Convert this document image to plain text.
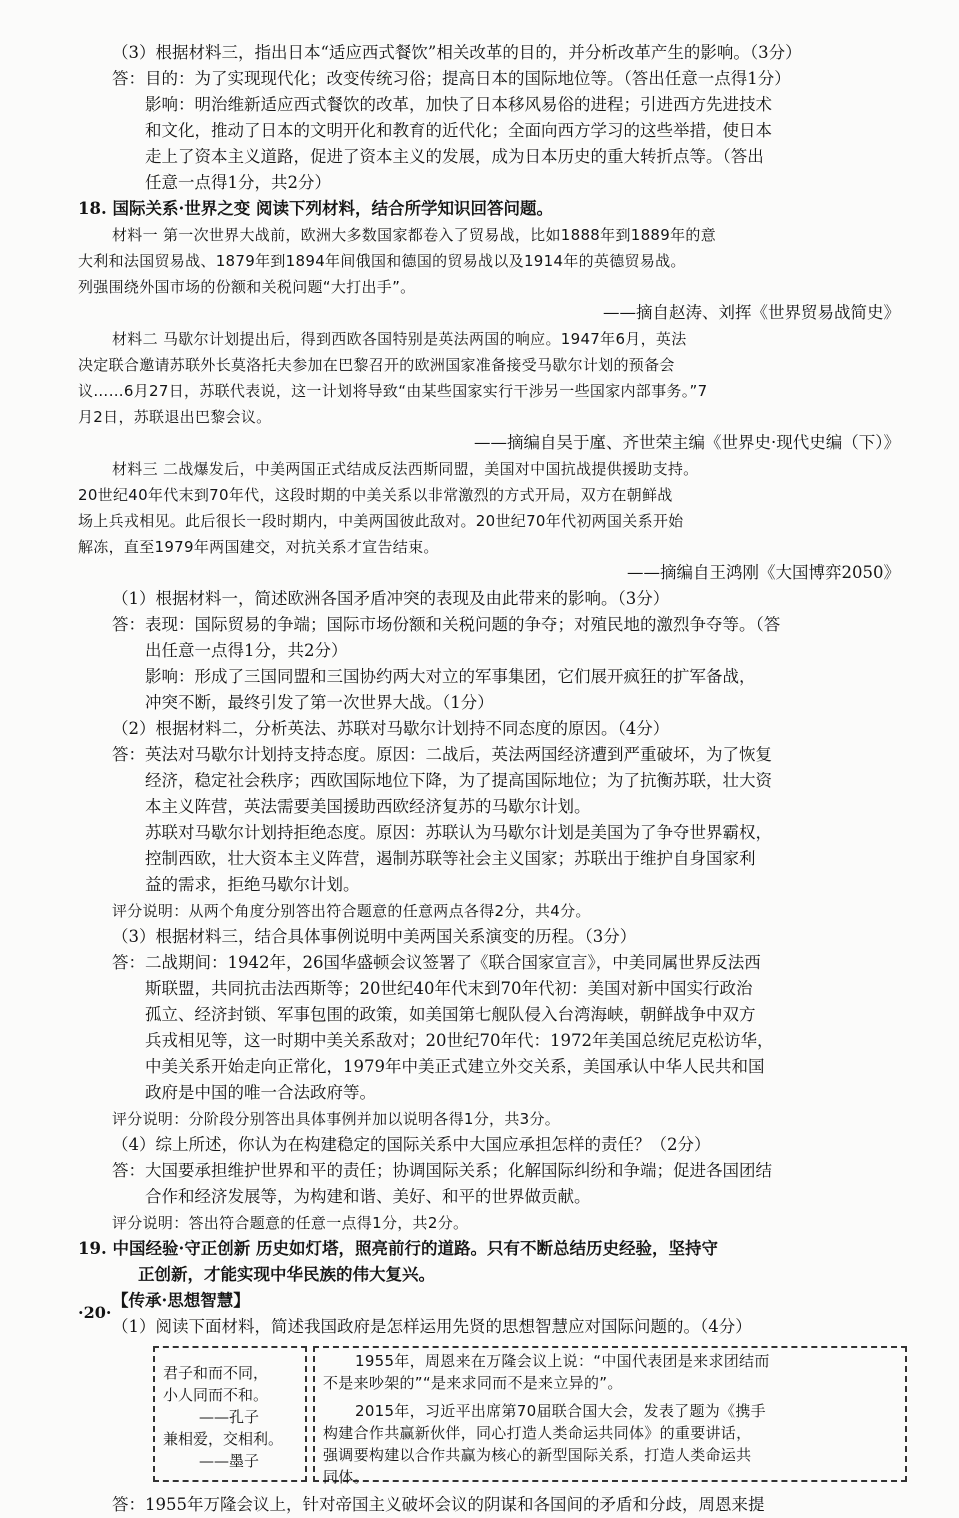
（3）根据材料三，指出日本“适应西式餐饮”相关改革的目的，并分析改革产生的影响。（3分）
答：目的：为了实现现代化；改变传统习俗；提高日本的国际地位等。（答出任意一点得1分）
影响：明治维新适应西式餐饮的改革，加快了日本移风易俗的进程；引进西方先进技术
和文化，推动了日本的文明开化和教育的近代化；全面向西方学习的这些举措，使日本
走上了资本主义道路，促进了资本主义的发展，成为日本历史的重大转折点等。（答出
任意一点得1分，共2分）
18. 国际关系·世界之变 阅读下列材料，结合所学知识回答问题。
材料一 第一次世界大战前，欧洲大多数国家都卷入了贸易战，比如1888年到1889年的意
大利和法国贸易战、1879年到1894年间俄国和德国的贸易战以及1914年的英德贸易战。
列强围绕外国市场的份额和关税问题“大打出手”。
——摘自赵涛、刘挥《世界贸易战简史》
材料二 马歇尔计划提出后，得到西欧各国特别是英法两国的响应。1947年6月，英法
决定联合邀请苏联外长莫洛托夫参加在巴黎召开的欧洲国家准备接受马歇尔计划的预备会
议……6月27日，苏联代表说，这一计划将导致“由某些国家实行干涉另一些国家内部事务。”7
月2日，苏联退出巴黎会议。
——摘编自吴于廑、齐世荣主编《世界史·现代史编（下）》
材料三 二战爆发后，中美两国正式结成反法西斯同盟，美国对中国抗战提供援助支持。
20世纪40年代末到70年代，这段时期的中美关系以非常激烈的方式开局，双方在朝鲜战
场上兵戎相见。此后很长一段时期内，中美两国彼此敌对。20世纪70年代初两国关系开始
解冻，直至1979年两国建交，对抗关系才宣告结束。
——摘编自王鸿刚《大国博弈2050》
（1）根据材料一，简述欧洲各国矛盾冲突的表现及由此带来的影响。（3分）
答：表现：国际贸易的争端；国际市场份额和关税问题的争夺；对殖民地的激烈争夺等。（答
出任意一点得1分，共2分）
影响：形成了三国同盟和三国协约两大对立的军事集团，它们展开疯狂的扩军备战，
冲突不断，最终引发了第一次世界大战。（1分）
（2）根据材料二，分析英法、苏联对马歇尔计划持不同态度的原因。（4分）
答：英法对马歇尔计划持支持态度。原因：二战后，英法两国经济遭到严重破坏，为了恢复
经济，稳定社会秩序；西欧国际地位下降，为了提高国际地位；为了抗衡苏联，壮大资
本主义阵营，英法需要美国援助西欧经济复苏的马歇尔计划。
苏联对马歇尔计划持拒绝态度。原因：苏联认为马歇尔计划是美国为了争夺世界霸权，
控制西欧，壮大资本主义阵营，遏制苏联等社会主义国家；苏联出于维护自身国家利
益的需求，拒绝马歇尔计划。
评分说明：从两个角度分别答出符合题意的任意两点各得2分，共4分。
（3）根据材料三，结合具体事例说明中美两国关系演变的历程。（3分）
答：二战期间：1942年，26国华盛顿会议签署了《联合国家宣言》，中美同属世界反法西
斯联盟，共同抗击法西斯等；20世纪40年代末到70年代初：美国对新中国实行政治
孤立、经济封锁、军事包围的政策，如美国第七舰队侵入台湾海峡，朝鲜战争中双方
兵戎相见等，这一时期中美关系敌对；20世纪70年代：1972年美国总统尼克松访华，
中美关系开始走向正常化，1979年中美正式建立外交关系，美国承认中华人民共和国
政府是中国的唯一合法政府等。
评分说明：分阶段分别答出具体事例并加以说明各得1分，共3分。
（4）综上所述，你认为在构建稳定的国际关系中大国应承担怎样的责任？（2分）
答：大国要承担维护世界和平的责任；协调国际关系；化解国际纠纷和争端；促进各国团结
合作和经济发展等，为构建和谐、美好、和平的世界做贡献。
评分说明：答出符合题意的任意一点得1分，共2分。
19. 中国经验·守正创新 历史如灯塔，照亮前行的道路。只有不断总结历史经验，坚持守
正创新，才能实现中华民族的伟大复兴。
【传承·思想智慧】
（1）阅读下面材料，简述我国政府是怎样运用先贤的思想智慧应对国际问题的。（4分）
君子和而不同，
小人同而不和。
——孔子
兼相爱，交相利。
——墨子
1955年，周恩来在万隆会议上说：“中国代表团是来求团结而
不是来吵架的”“是来求同而不是来立异的”。
2015年，习近平出席第70届联合国大会，发表了题为《携手
构建合作共赢新伙伴，同心打造人类命运共同体》的重要讲话，
强调要构建以合作共赢为核心的新型国际关系，打造人类命运共
同体。
答：1955年万隆会议上，针对帝国主义破坏会议的阴谋和各国间的矛盾和分歧，周恩来提
·20·
